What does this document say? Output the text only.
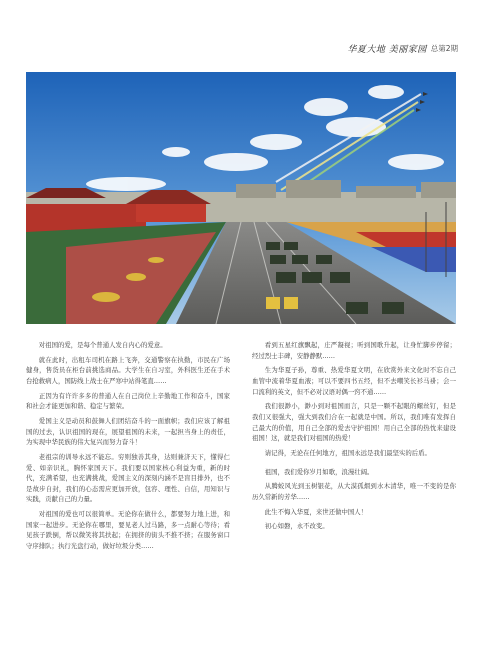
华夏大地 美丽家园 总第2期

对祖国的爱，是每个普通人发自内心的爱意。

就在此时，出租车司机在路上飞奔，交通警察在执勤，市民在广场健身，售货员在柜台前挑选商品。大学生在自习室，外科医生还在手术台抢救病人，国防线上战士在严寒中站得笔直……

正因为有许许多多的普通人在自己岗位上辛勤地工作和奋斗，国家和社会才能更加和谐、稳定与繁荣。

爱国主义是动员和鼓舞人们团结奋斗的一面旗帜；我们应该了解祖国的过去，认识祖国的现在，展望祖国的未来，一起担当身上的责任，为实现中华民族的伟大复兴而努力奋斗！

老祖宗的训导永远不能忘。穷则独善其身，达则兼济天下，懂得仁爱、如亲识礼，胸怀家国天下。我们要以国家核心利益为重，新的时代，充满希望，也充满挑战，爱国主义的深刻内涵不是盲目排外，也不是故步自封，我们的心态需应更加开放，包容、理性、自信，用知识与实践，贡献自己的力量。

对祖国的爱也可以很简单。无论你在做什么，都要努力地上进，和国家一起进步。无论你在哪里，要见老人过马路，多一点耐心等待；看见孩子跌倒，帮以微笑将其扶起；在拥挤的街头不推不挤；在服务窗口守序排队；执行光盘行动，做好垃圾分类……

看到五星红旗飘起，庄严凝视；听到国歌升起，让身忙脚步停留；经过烈士丰碑，安静静默……

生为华夏子孙，尊重、热爱华夏文明，在欣赏外来文化时不忘自己血管中流着华夏血液；可以不要四书五经，但不去嘲笑长衫马褂；会一口流利的英文，但不必对汉语对偶一窍不通……

我们很渺小，渺小到对祖国而言，只是一颗不起眼的螺丝钉，但是我们又很强大，强大到我们合在一起就是中国。所以，我们唯有发挥自己最大的价值，用自己全部的爱去守护祖国！用自己全部的热忱来建设祖国！这，就是我们对祖国的热爱！

请记得，无论在任何地方，祖国永远是我们最坚实的后盾。

祖国，我们爱你岁月如歌，浪漫壮阔。

从腾蛟风光到玉树银花，从大漠孤烟到水木清华，唯一不变的是你历久常新的芳华……

此生不悔入华夏，来世还做中国人！

初心如磐，永不改变。
